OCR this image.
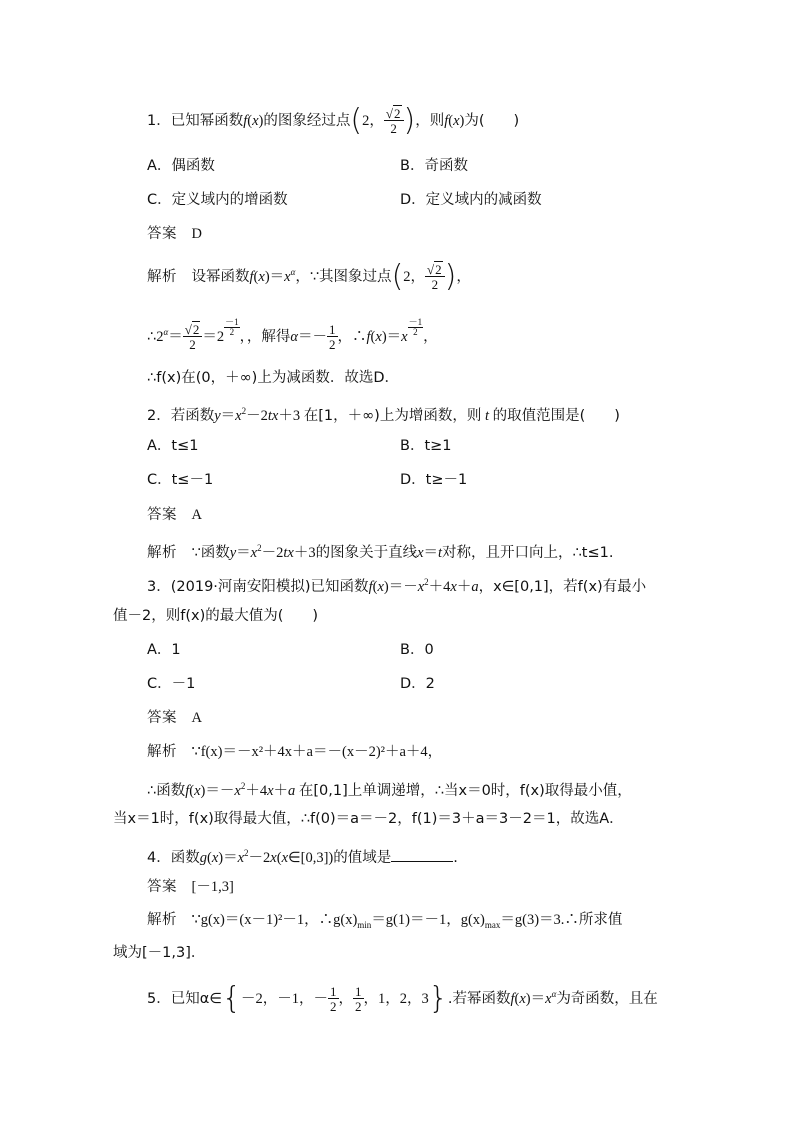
1．已知幂函数f(x)的图象经过点(2， $\frac{√2}{2}$ )，则f(x)为(　　)
A．偶函数	B．奇函数
C．定义域内的增函数	D．定义域内的减函数
答案　 D
解析　 设幂函数$f(x)=x^\alpha$，∵其图象过点(2， $\frac{√2}{2}$ )，
$\therefore 2^\alpha= \frac{√2}{2} =2 \frac{-1}{2}$ ，，解得$\alpha=- \frac{1}{2}$ ，∴f(x)＝x $\frac{-1}{2}$ ，
∴f(x)在(0，＋∞)上为减函数．故选D．
2．若函数$y=x^2-2tx+3$ 在[1，＋∞)上为增函数，则 t 的取值范围是(　　)
A．t≤1	B．t≥1
C．t≤－1	D．t≥－1
答案　 A
解析　 ∵函数$y=x^2-2tx+3$的图象关于直线x＝t对称，且开口向上，∴t≤1.
3．(2019·河南安阳模拟)已知函数$f(x)=-x^2+4x+a$，x∈[0,1]，若f(x)有最小
值－2，则f(x)的最大值为(　　)
A．1	B．0
C．－1	D．2
答案　 A
解析　 ∵f(x)＝－x²＋4x＋a＝－(x－2)²＋a＋4，
∴函数$f(x)=-x^2+4x+a$ 在[0,1]上单调递增，∴当x＝0时，f(x)取得最小值，
当x＝1时，f(x)取得最大值，∴f(0)＝a＝－2，f(1)＝3＋a＝3－2＝1，故选A．
4．函数$g(x)=x^2-2x(x\in[0,3])$的值域是	.
答案　 [－1,3]
解析　 ∵g(x)＝(x－1)²－1，$\therefore g(x)_{min}=g(1)=-1$，$g(x)_{max}=g(3)=3.\therefore$所求值
域为[－1,3]．
5．已知α∈{－2，－1，－ $\frac{1}{2}$ ， $\frac{1}{2}$ ，1，2，3}.若幂函数$f(x)=x^\alpha$为奇函数，且在
